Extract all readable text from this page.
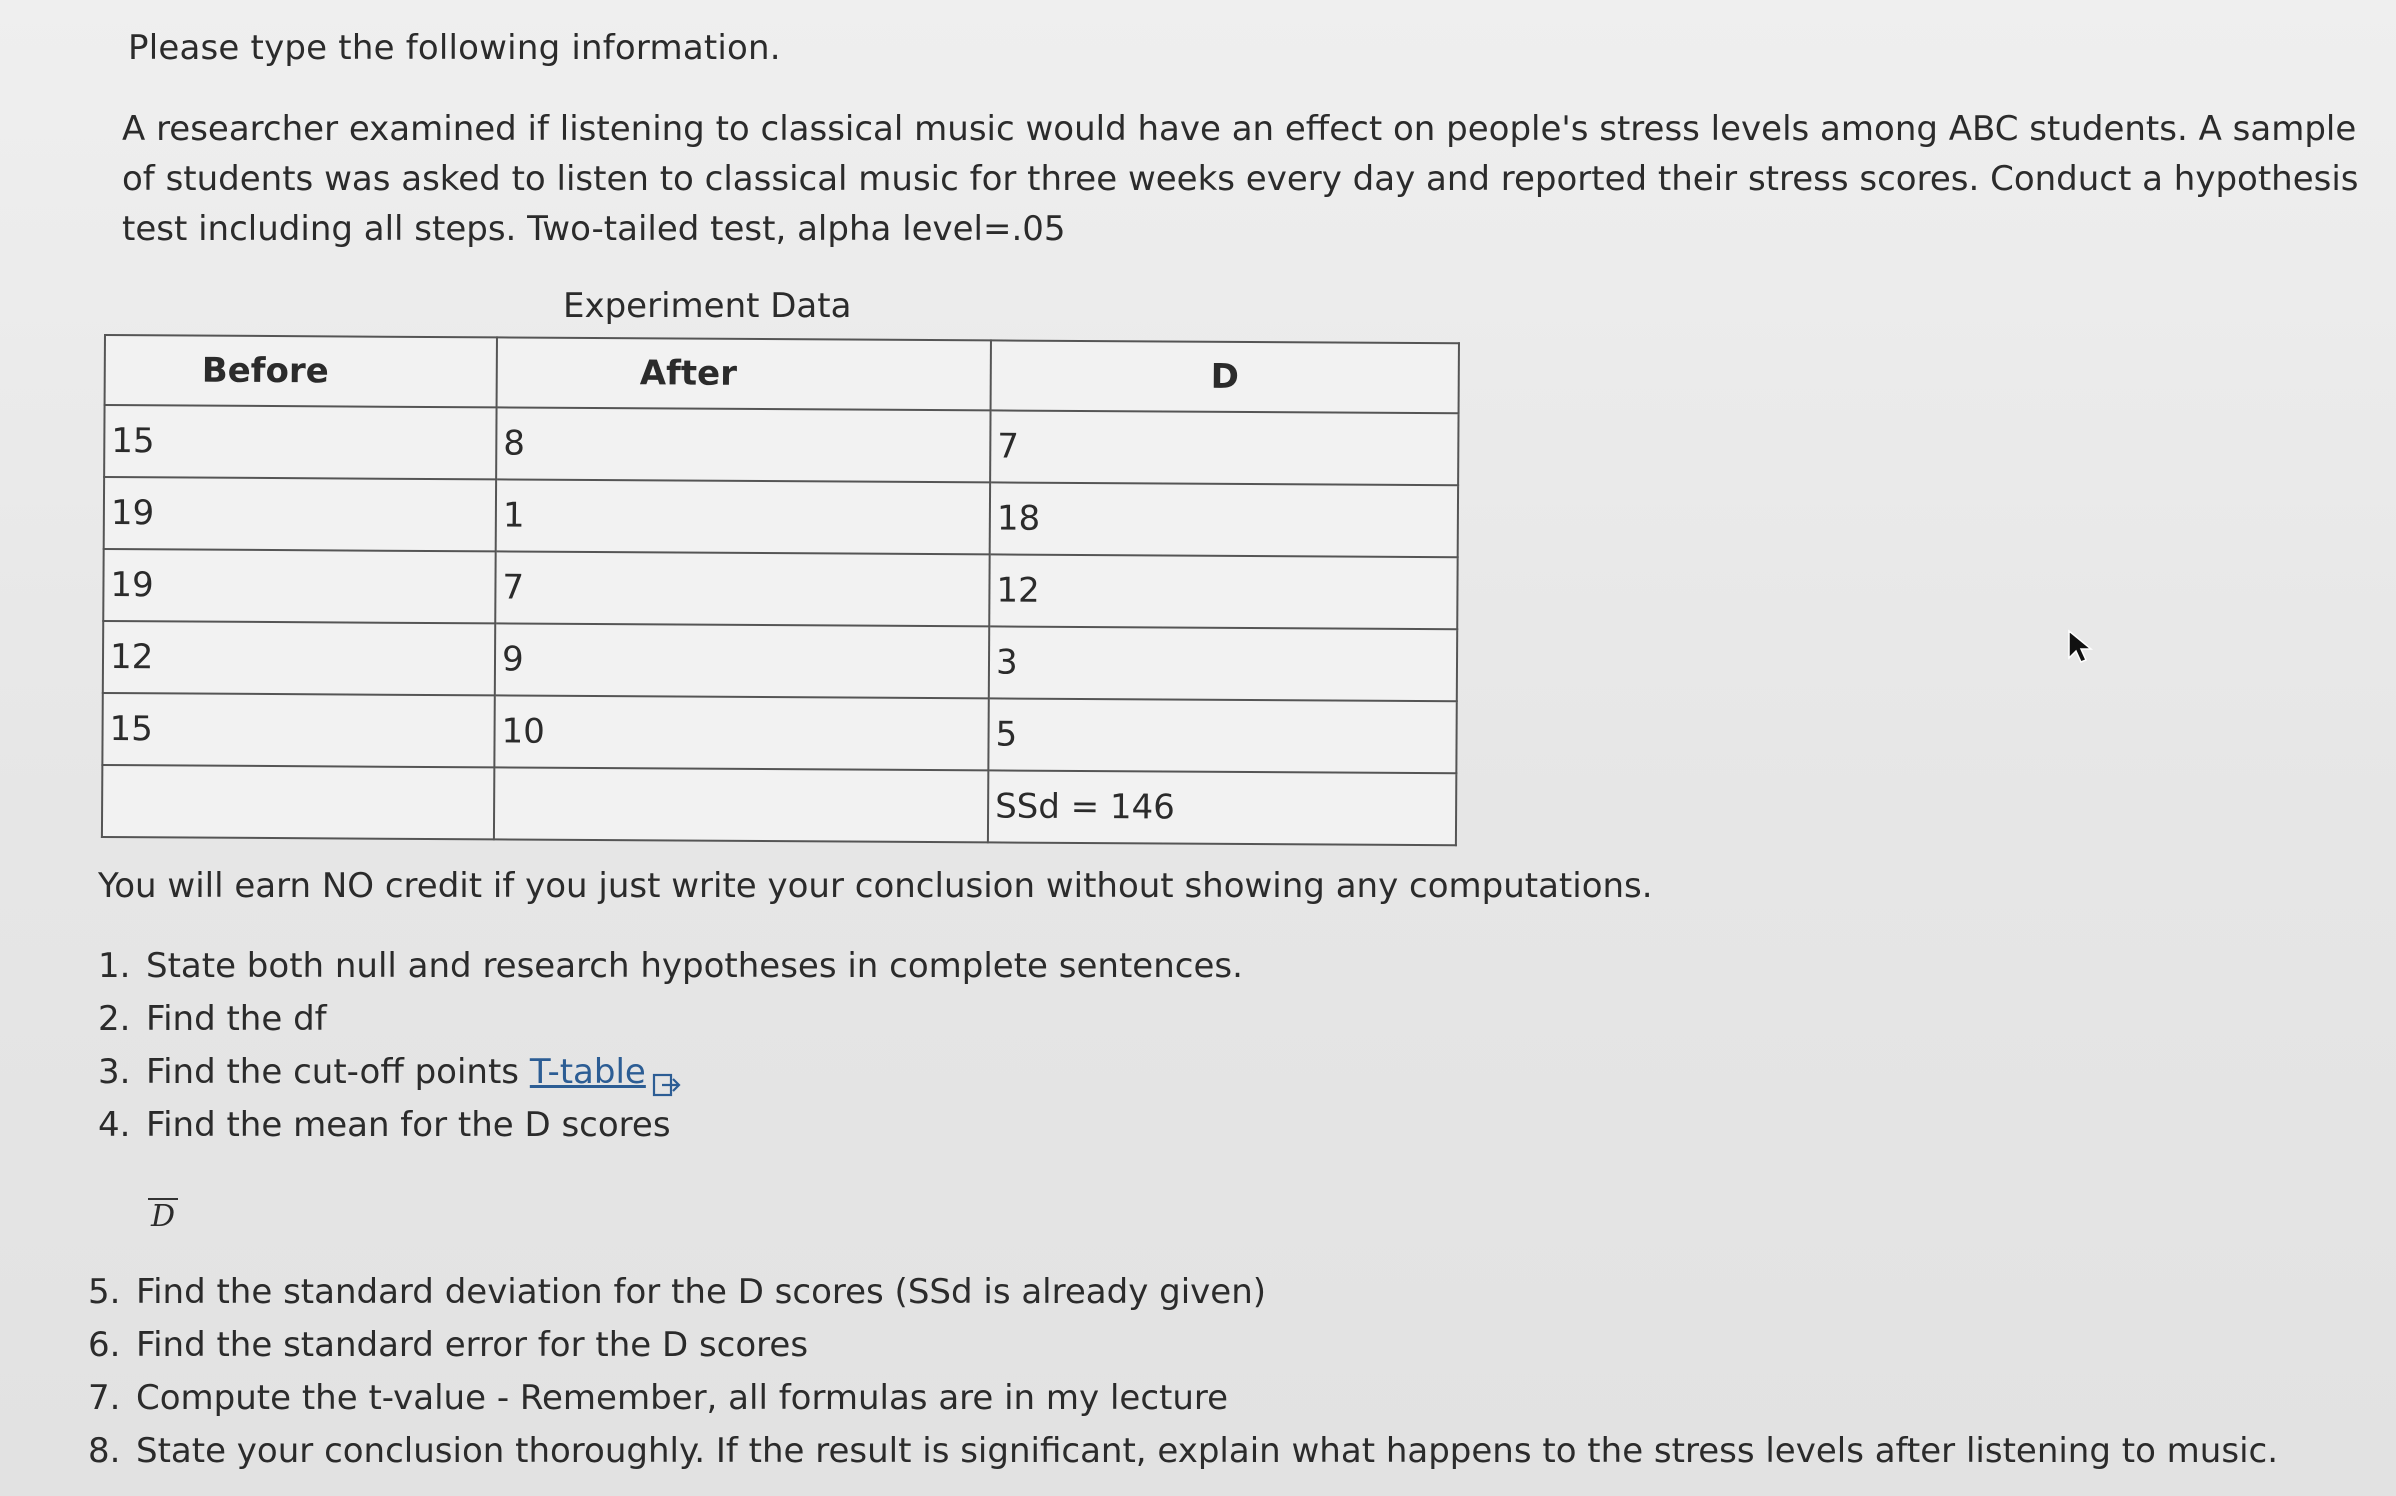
Please type the following information.
A researcher examined if listening to classical music would have an effect on people's stress levels among ABC students. A sample of students was asked to listen to classical music for three weeks every day and reported their stress scores. Conduct a hypothesis test including all steps. Two-tailed test, alpha level=.05
Experiment Data
Before	After	D
15	8	7
19	1	18
19	7	12
12	9	3
15	10	5
		SSd = 146
You will earn NO credit if you just write your conclusion without showing any computations.
1. State both null and research hypotheses in complete sentences.
2. Find the df
3. Find the cut-off points T-table
4. Find the mean for the D scores
D
5. Find the standard deviation for the D scores (SSd is already given)
6. Find the standard error for the D scores
7. Compute the t-value - Remember, all formulas are in my lecture
8. State your conclusion thoroughly. If the result is significant, explain what happens to the stress levels after listening to music.
